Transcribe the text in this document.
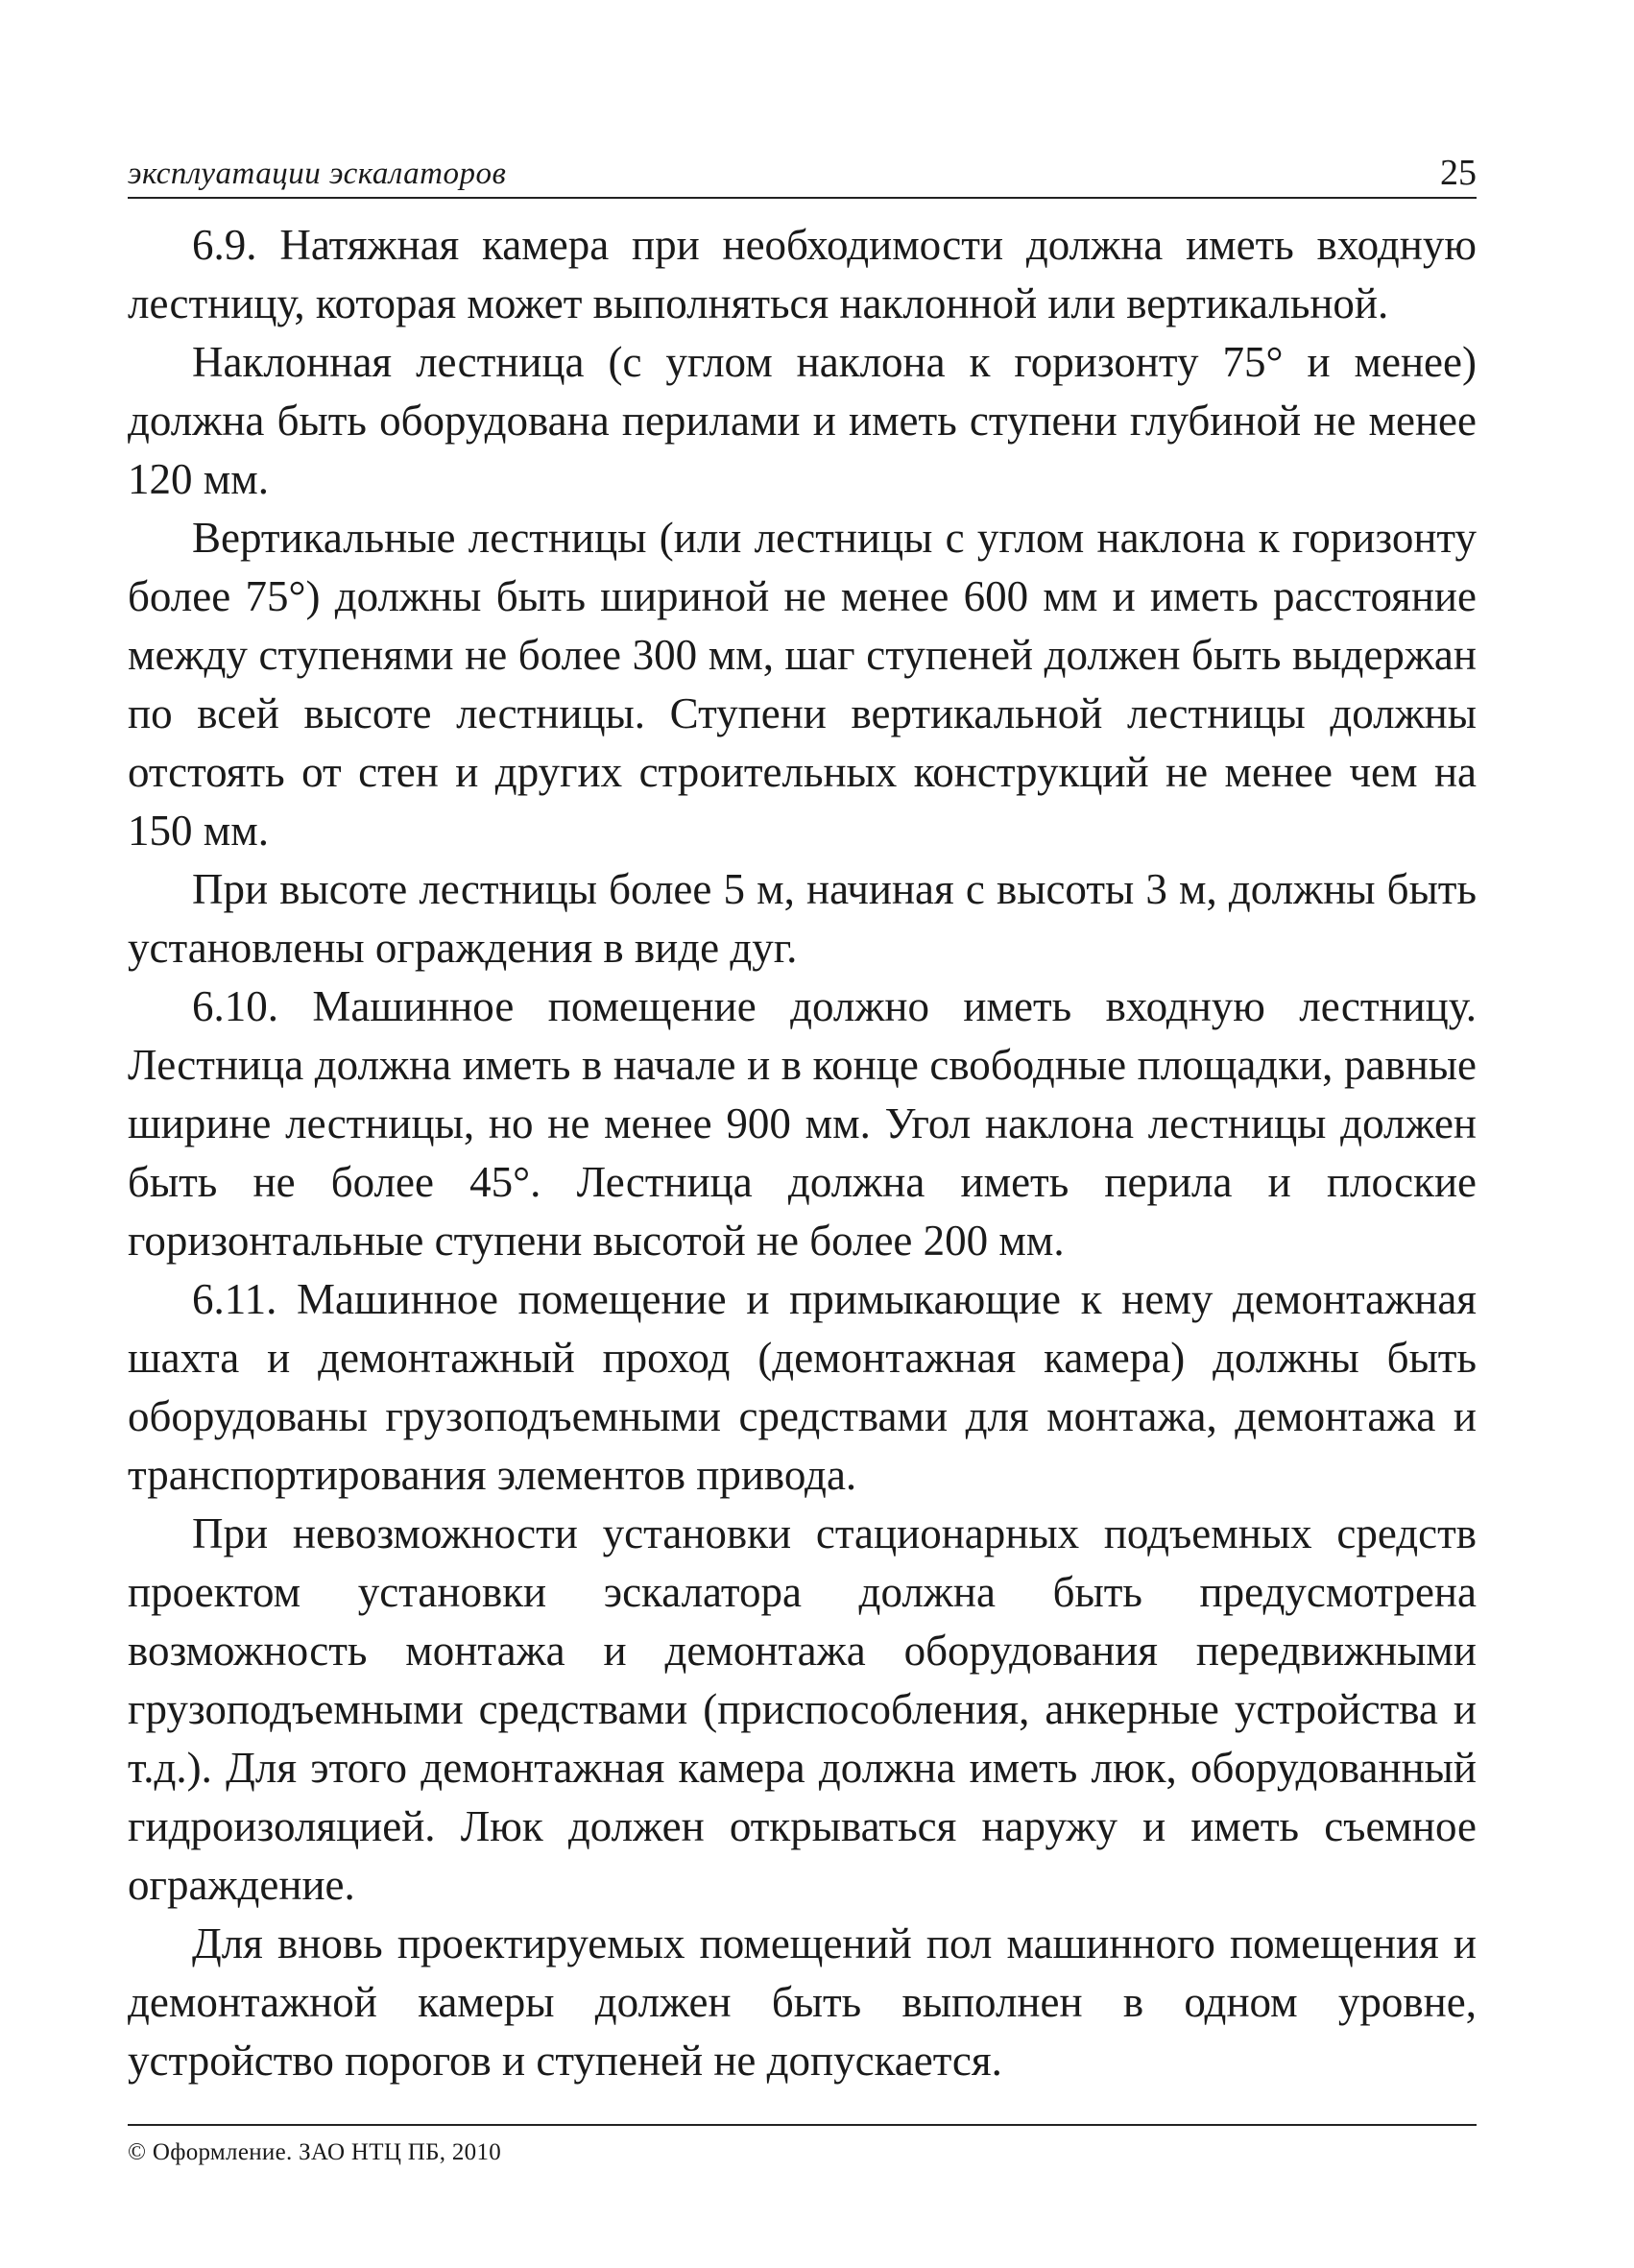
эксплуатации эскалаторов	25

6.9. Натяжная камера при необходимости должна иметь входную лестницу, которая может выполняться наклонной или вертикальной.

Наклонная лестница (с углом наклона к горизонту 75° и менее) должна быть оборудована перилами и иметь ступени глубиной не менее 120 мм.

Вертикальные лестницы (или лестницы с углом наклона к горизонту более 75°) должны быть шириной не менее 600 мм и иметь расстояние между ступенями не более 300 мм, шаг ступеней должен быть выдержан по всей высоте лестницы. Ступени вертикальной лестницы должны отстоять от стен и других строительных конструкций не менее чем на 150 мм.

При высоте лестницы более 5 м, начиная с высоты 3 м, должны быть установлены ограждения в виде дуг.

6.10. Машинное помещение должно иметь входную лестницу. Лестница должна иметь в начале и в конце свободные площадки, равные ширине лестницы, но не менее 900 мм. Угол наклона лестницы должен быть не более 45°. Лестница должна иметь перила и плоские горизонтальные ступени высотой не более 200 мм.

6.11. Машинное помещение и примыкающие к нему демонтажная шахта и демонтажный проход (демонтажная камера) должны быть оборудованы грузоподъемными средствами для монтажа, демонтажа и транспортирования элементов привода.

При невозможности установки стационарных подъемных средств проектом установки эскалатора должна быть предусмотрена возможность монтажа и демонтажа оборудования передвижными грузоподъемными средствами (приспособления, анкерные устройства и т.д.). Для этого демонтажная камера должна иметь люк, оборудованный гидроизоляцией. Люк должен открываться наружу и иметь съемное ограждение.

Для вновь проектируемых помещений пол машинного помещения и демонтажной камеры должен быть выполнен в одном уровне, устройство порогов и ступеней не допускается.

© Оформление. ЗАО НТЦ ПБ, 2010
